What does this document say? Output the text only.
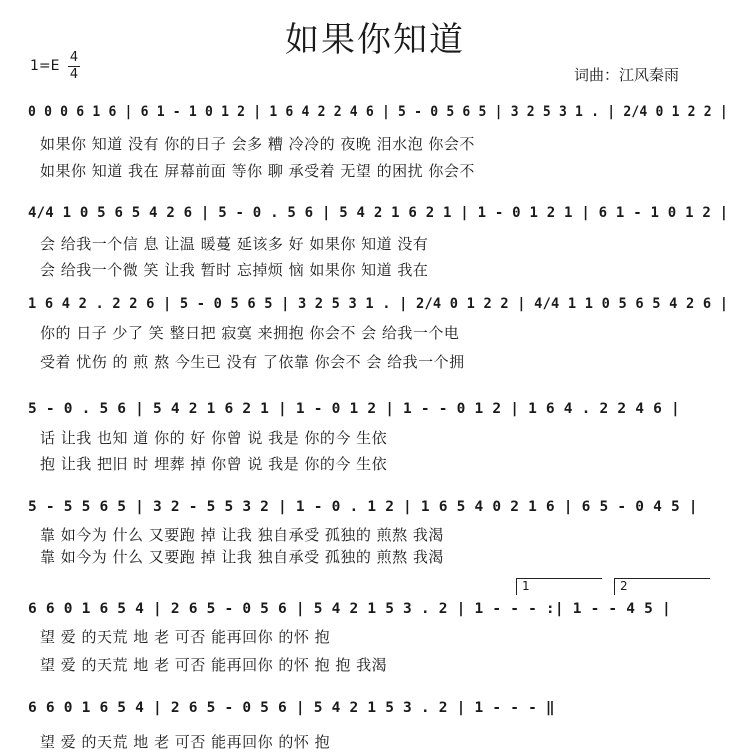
如果你知道
1=E
4
4	词曲：江风秦雨
0 0 0 6 1 6 | 6 1 - 1 0 1 2 | 1 6 4 2 2 4 6 | 5 - 0 5 6 5 | 3 2 5 3 1 . | 2/4 0 1 2 2 |
如果你 知道 没有 你的日子 会多 糟 冷冷的 夜晚 泪水泡 你会不
如果你 知道 我在 屏幕前面 等你 聊 承受着 无望 的困扰 你会不
4/4 1 0 5 6 5 4 2 6 | 5 - 0 . 5 6 | 5 4 2 1 6 2 1 | 1 - 0 1 2 1 | 6 1 - 1 0 1 2 |
会 给我一个信 息 让温 暖蔓 延该多 好 如果你 知道 没有
会 给我一个微 笑 让我 暂时 忘掉烦 恼 如果你 知道 我在
1 6 4 2 . 2 2 6 | 5 - 0 5 6 5 | 3 2 5 3 1 . | 2/4 0 1 2 2 | 4/4 1 1 0 5 6 5 4 2 6 |
你的 日子 少了 笑 整日把 寂寞 来拥抱 你会不 会 给我一个电
受着 忧伤 的 煎 熬 今生已 没有 了依靠 你会不 会 给我一个拥
5 - 0 . 5 6 | 5 4 2 1 6 2 1 | 1 - 0 1 2 | 1 - - 0 1 2 | 1 6 4 . 2 2 4 6 |
话 让我 也知 道 你的 好 你曾 说 我是 你的今 生依
抱 让我 把旧 时 埋葬 掉 你曾 说 我是 你的今 生依
5 - 5 5 6 5 | 3 2 - 5 5 3 2 | 1 - 0 . 1 2 | 1 6 5 4 0 2 1 6 | 6 5 - 0 4 5 |
靠 如今为 什么 又要跑 掉 让我 独自承受 孤独的 煎熬 我渴
靠 如今为 什么 又要跑 掉 让我 独自承受 孤独的 煎熬 我渴
1	2
6 6 0 1 6 5 4 | 2 6 5 - 0 5 6 | 5 4 2 1 5 3 . 2 | 1 - - - :| 1 - - 4 5 |
望 爱 的天荒 地 老 可否 能再回你 的怀 抱
望 爱 的天荒 地 老 可否 能再回你 的怀 抱 抱 我渴
6 6 0 1 6 5 4 | 2 6 5 - 0 5 6 | 5 4 2 1 5 3 . 2 | 1 - - - ‖
望 爱 的天荒 地 老 可否 能再回你 的怀 抱
